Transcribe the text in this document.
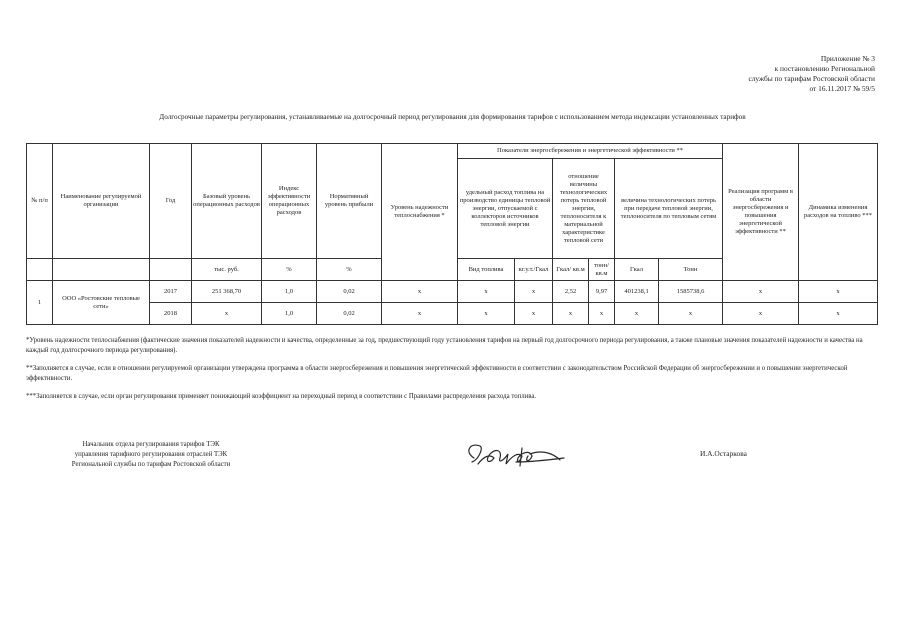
Приложение № 3
к постановлению Региональной
службы по тарифам Ростовской области
от 16.11.2017 № 59/5
Долгосрочные параметры регулирования, устанавливаемые на долгосрочный период регулирования для формирования тарифов с использованием метода индексации установленных тарифов
№ п/п	Наименование регулируемой организации	Год	Базовый уровень операционных расходов	Индекс эффективности операционных расходов	Нормативный уровень прибыли	Уровень надежности теплоснабжения *	Показатели энергосбережения и энергетической эффективности **						Реализация программ в области энергосбережения и повышения энергетической эффективности **	Динамика изменения расходов на топливо ***
							удельный расход топлива на производство единицы тепловой энергии, отпускаемой с коллекторов источников тепловой энергии		отношение величины технологических потерь тепловой энергии, теплоносителя к материальной характеристике тепловой сети		величина технологических потерь при передаче тепловой энергии, теплоносителя по тепловым сетям			
			тыс. руб.	%	%		Вид топлива	кг.у.т./Гкал	Гкал/ кв.м	тонн/кв.м	Гкал	Тонн		
1	ООО «Ростовские тепловые сети»	2017	251 368,70	1,0	0,02	x	x	x	2,52	9,97	401238,1	1585738,6	x	x
		2018	x	1,0	0,02	x	x	x	x	x	x	x	x	x

*Уровень надежности теплоснабжения (фактические значения показателей надежности и качества, определенные за год, предшествующий году установления тарифов на первый год долгосрочного периода регулирования, а также плановые значения показателей надежности и качества на каждый год долгосрочного периода регулирования).

**Заполняется в случае, если в отношении регулируемой организации утверждена программа в области энергосбережения и повышения энергетической эффективности в соответствии с законодательством Российской Федерации об энергосбережении и о повышении энергетической эффективности.

***Заполняется в случае, если орган регулирования применяет понижающий коэффициент на переходный период в соответствии с Правилами распределения расхода топлива.

Начальник отдела регулирования тарифов ТЭК
управления тарифного регулирования отраслей ТЭК
Региональной службы по тарифам Ростовской области
И.А.Остаркова
